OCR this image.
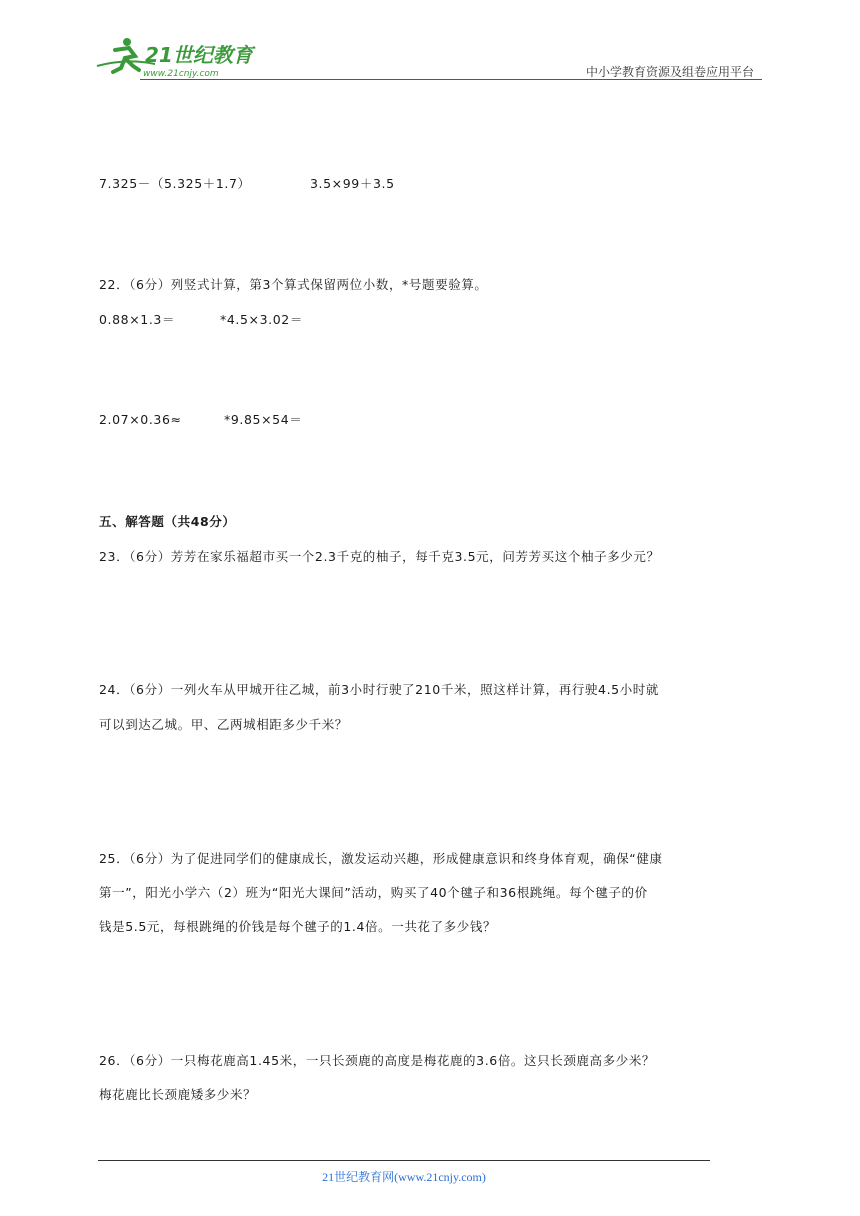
21世纪教育
www.21cnjy.com	中小学教育资源及组卷应用平台
7.325－（5.325＋1.7）	3.5×99＋3.5
22．（6分）列竖式计算，第3个算式保留两位小数，*号题要验算。
0.88×1.3＝	*4.5×3.02＝
2.07×0.36≈	*9.85×54＝
五、解答题（共48分）
23．（6分）芳芳在家乐福超市买一个2.3千克的柚子，每千克3.5元，问芳芳买这个柚子多少元？
24．（6分）一列火车从甲城开往乙城，前3小时行驶了210千米，照这样计算，再行驶4.5小时就
可以到达乙城。甲、乙两城相距多少千米？
25．（6分）为了促进同学们的健康成长，激发运动兴趣，形成健康意识和终身体育观，确保“健康
第一”，阳光小学六（2）班为“阳光大课间”活动，购买了40个毽子和36根跳绳。每个毽子的价
钱是5.5元，每根跳绳的价钱是每个毽子的1.4倍。一共花了多少钱？
26．（6分）一只梅花鹿高1.45米，一只长颈鹿的高度是梅花鹿的3.6倍。这只长颈鹿高多少米？
梅花鹿比长颈鹿矮多少米？
21世纪教育网(www.21cnjy.com)
